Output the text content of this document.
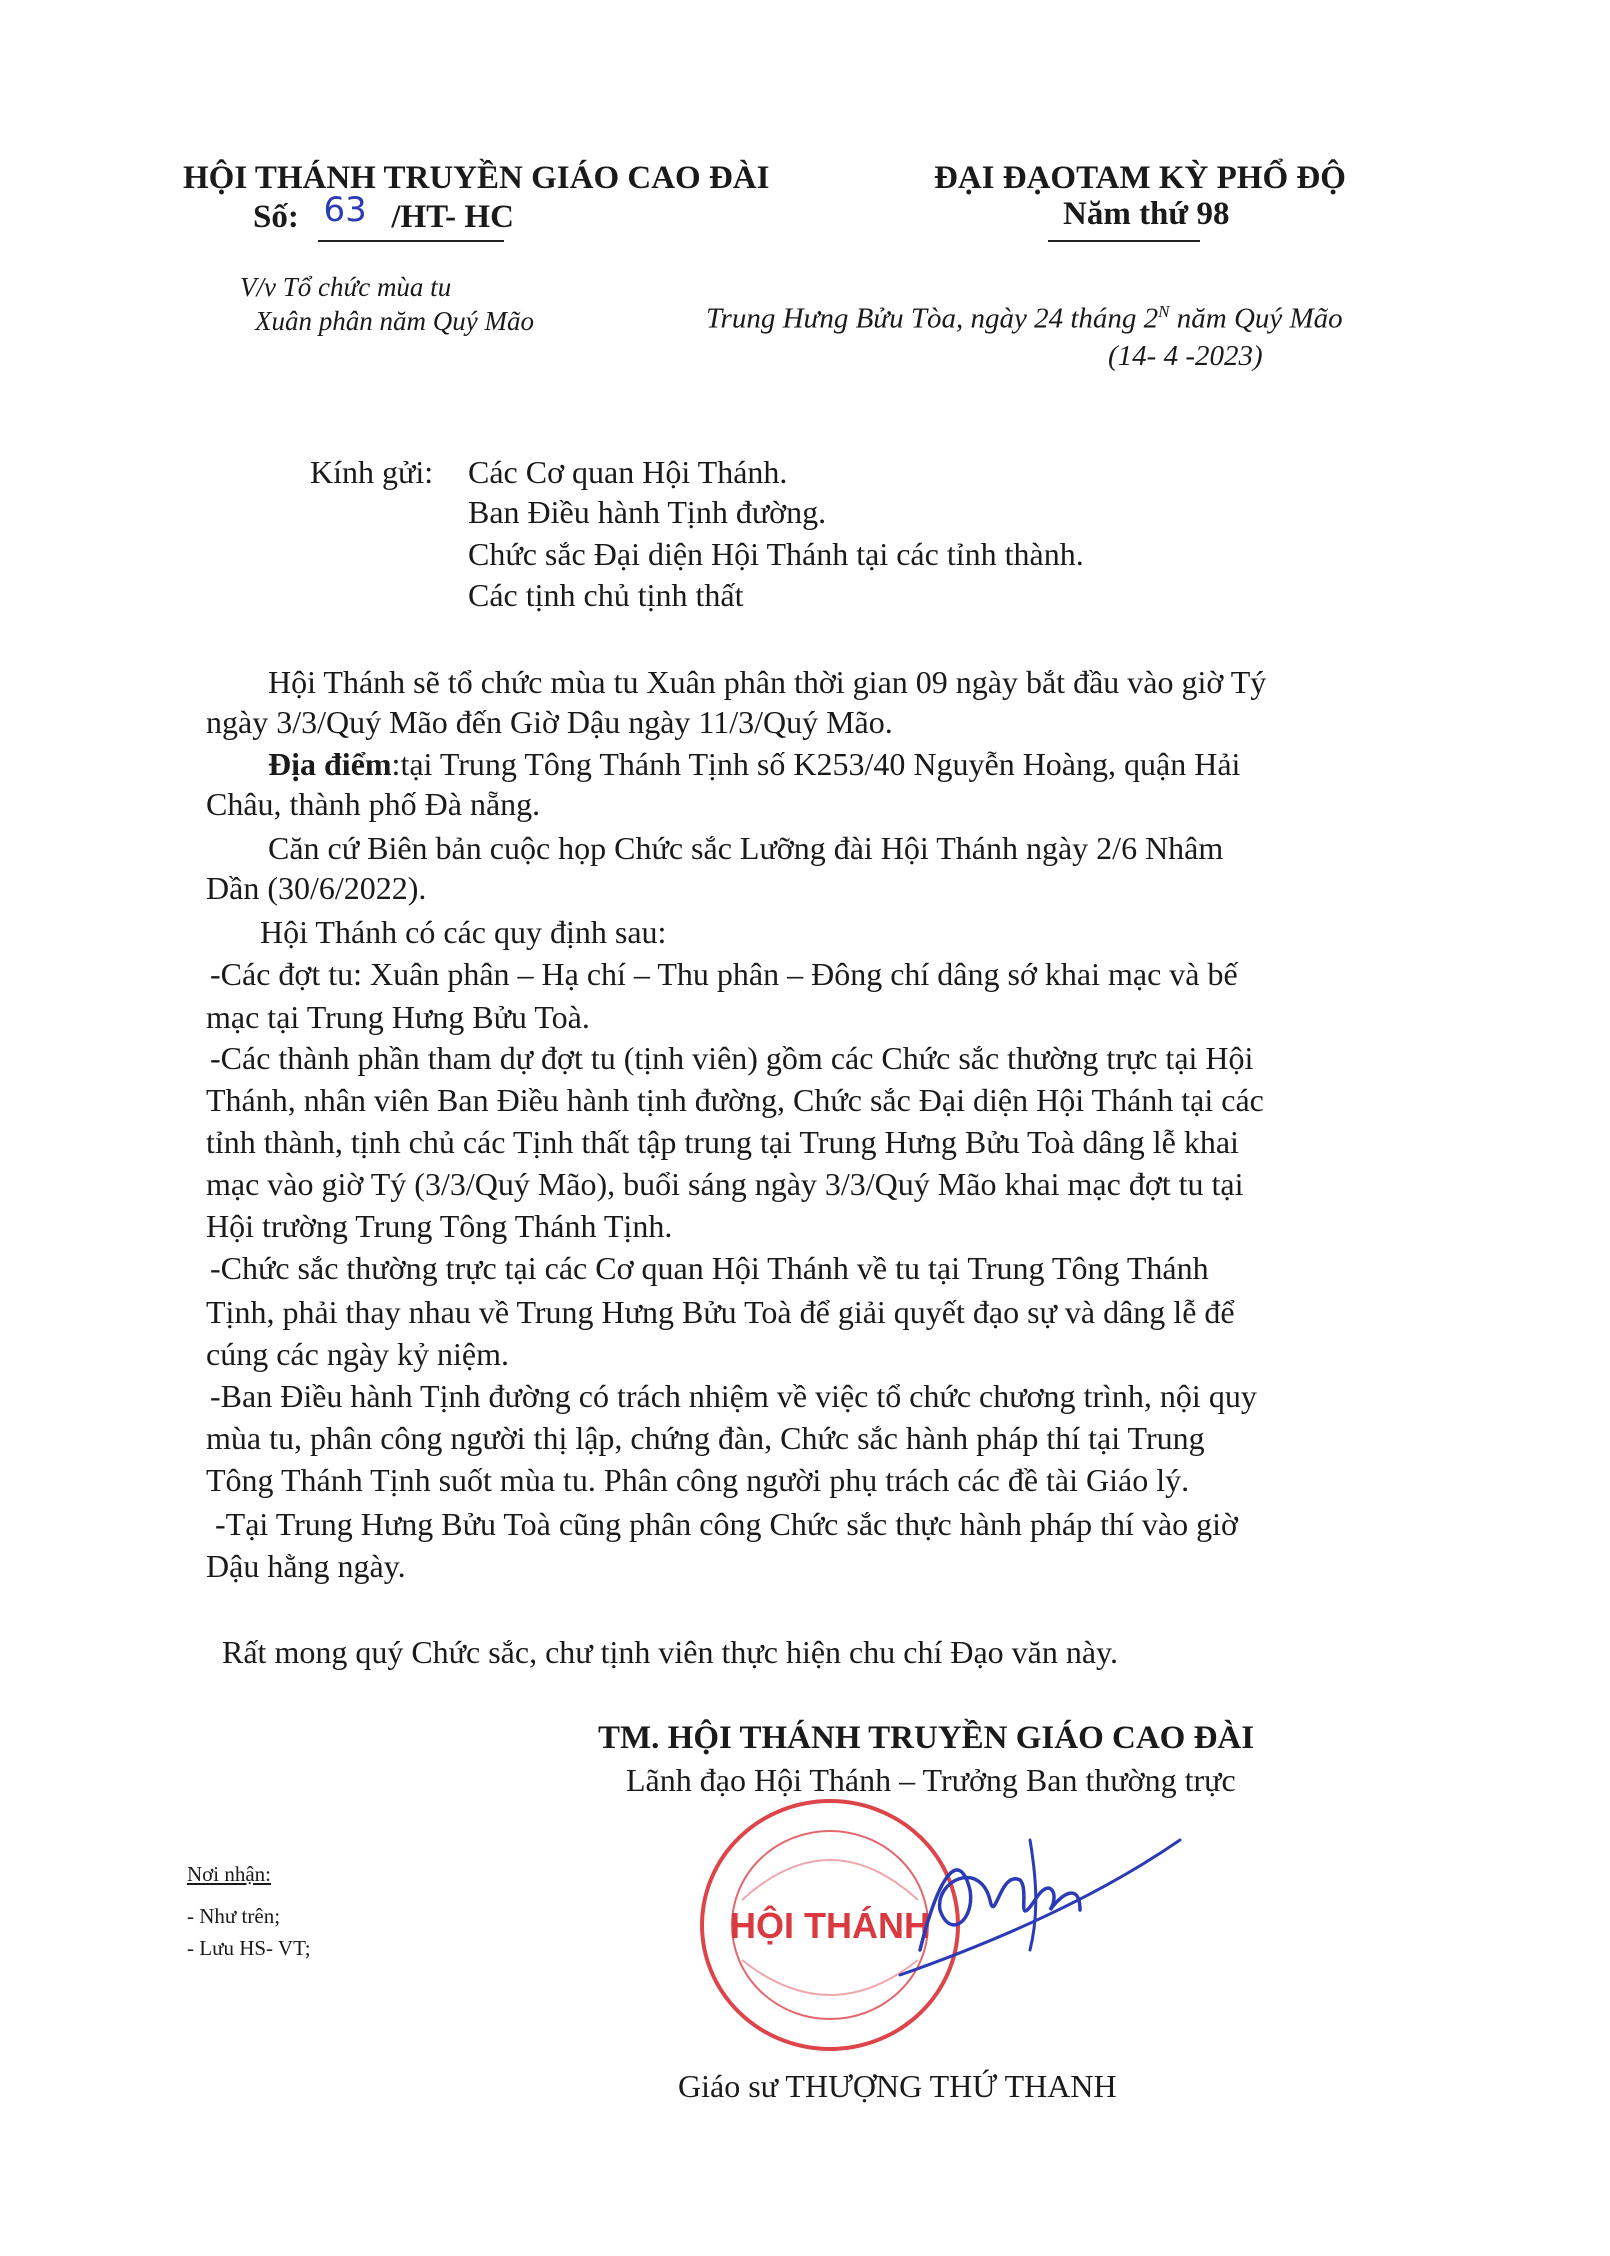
HỘI THÁNH TRUYỀN GIÁO CAO ĐÀI
Số: 63 /HT- HC
ĐẠI ĐẠOTAM KỲ PHỔ ĐỘ
Năm thứ 98
V/v Tổ chức mùa tu
Xuân phân năm Quý Mão	Trung Hưng Bửu Tòa, ngày 24 tháng $2^N$ năm Quý Mão
(14- 4 -2023)
Kính gửi: Các Cơ quan Hội Thánh.
Ban Điều hành Tịnh đường.
Chức sắc Đại diện Hội Thánh tại các tỉnh thành.
Các tịnh chủ tịnh thất
Hội Thánh sẽ tổ chức mùa tu Xuân phân thời gian 09 ngày bắt đầu vào giờ Tý
ngày 3/3/Quý Mão đến Giờ Dậu ngày 11/3/Quý Mão.
Địa điểm:tại Trung Tông Thánh Tịnh số K253/40 Nguyễn Hoàng, quận Hải
Châu, thành phố Đà nẵng.
Căn cứ Biên bản cuộc họp Chức sắc Lưỡng đài Hội Thánh ngày 2/6 Nhâm
Dần (30/6/2022).
Hội Thánh có các quy định sau:
-Các đợt tu: Xuân phân – Hạ chí – Thu phân – Đông chí dâng sớ khai mạc và bế
mạc tại Trung Hưng Bửu Toà.
-Các thành phần tham dự đợt tu (tịnh viên) gồm các Chức sắc thường trực tại Hội
Thánh, nhân viên Ban Điều hành tịnh đường, Chức sắc Đại diện Hội Thánh tại các
tỉnh thành, tịnh chủ các Tịnh thất tập trung tại Trung Hưng Bửu Toà dâng lễ khai
mạc vào giờ Tý (3/3/Quý Mão), buổi sáng ngày 3/3/Quý Mão khai mạc đợt tu tại
Hội trường Trung Tông Thánh Tịnh.
-Chức sắc thường trực tại các Cơ quan Hội Thánh về tu tại Trung Tông Thánh
Tịnh, phải thay nhau về Trung Hưng Bửu Toà để giải quyết đạo sự và dâng lễ để
cúng các ngày kỷ niệm.
-Ban Điều hành Tịnh đường có trách nhiệm về việc tổ chức chương trình, nội quy
mùa tu, phân công người thị lập, chứng đàn, Chức sắc hành pháp thí tại Trung
Tông Thánh Tịnh suốt mùa tu. Phân công người phụ trách các đề tài Giáo lý.
-Tại Trung Hưng Bửu Toà cũng phân công Chức sắc thực hành pháp thí vào giờ
Dậu hằng ngày.
Rất mong quý Chức sắc, chư tịnh viên thực hiện chu chí Đạo văn này.
TM. HỘI THÁNH TRUYỀN GIÁO CAO ĐÀI
Lãnh đạo Hội Thánh – Trưởng Ban thường trực
HỘI THÁNH
Giáo sư THƯỢNG THỨ THANH
Nơi nhận:
- Như trên;
- Lưu HS- VT;
